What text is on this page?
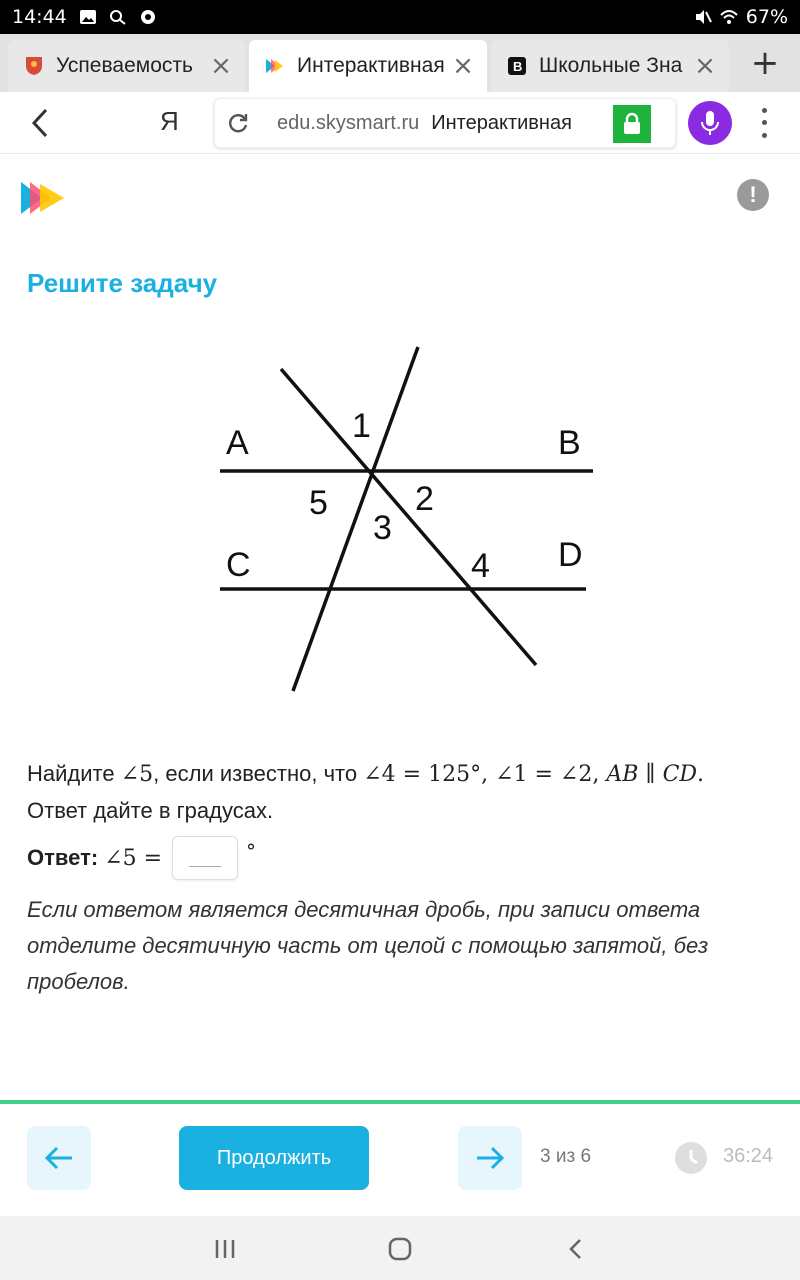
14:44	67%
Успеваемость ×	Интерактивная ×	B Школьные Зна ×	+
Я	edu.skysmart.ru Интерактивная
!
Решите задачу
A	B
C	D
1
2
3
4
5
Найдите ∠5, если известно, что ∠4 = 125°, ∠1 = ∠2, AB ∥ CD.
Ответ дайте в градусах.
Ответ: ∠5 =	°
Если ответом является десятичная дробь, при записи ответа отделите десятичную часть от целой с помощью запятой, без пробелов.
Продолжить	3 из 6	36:24
